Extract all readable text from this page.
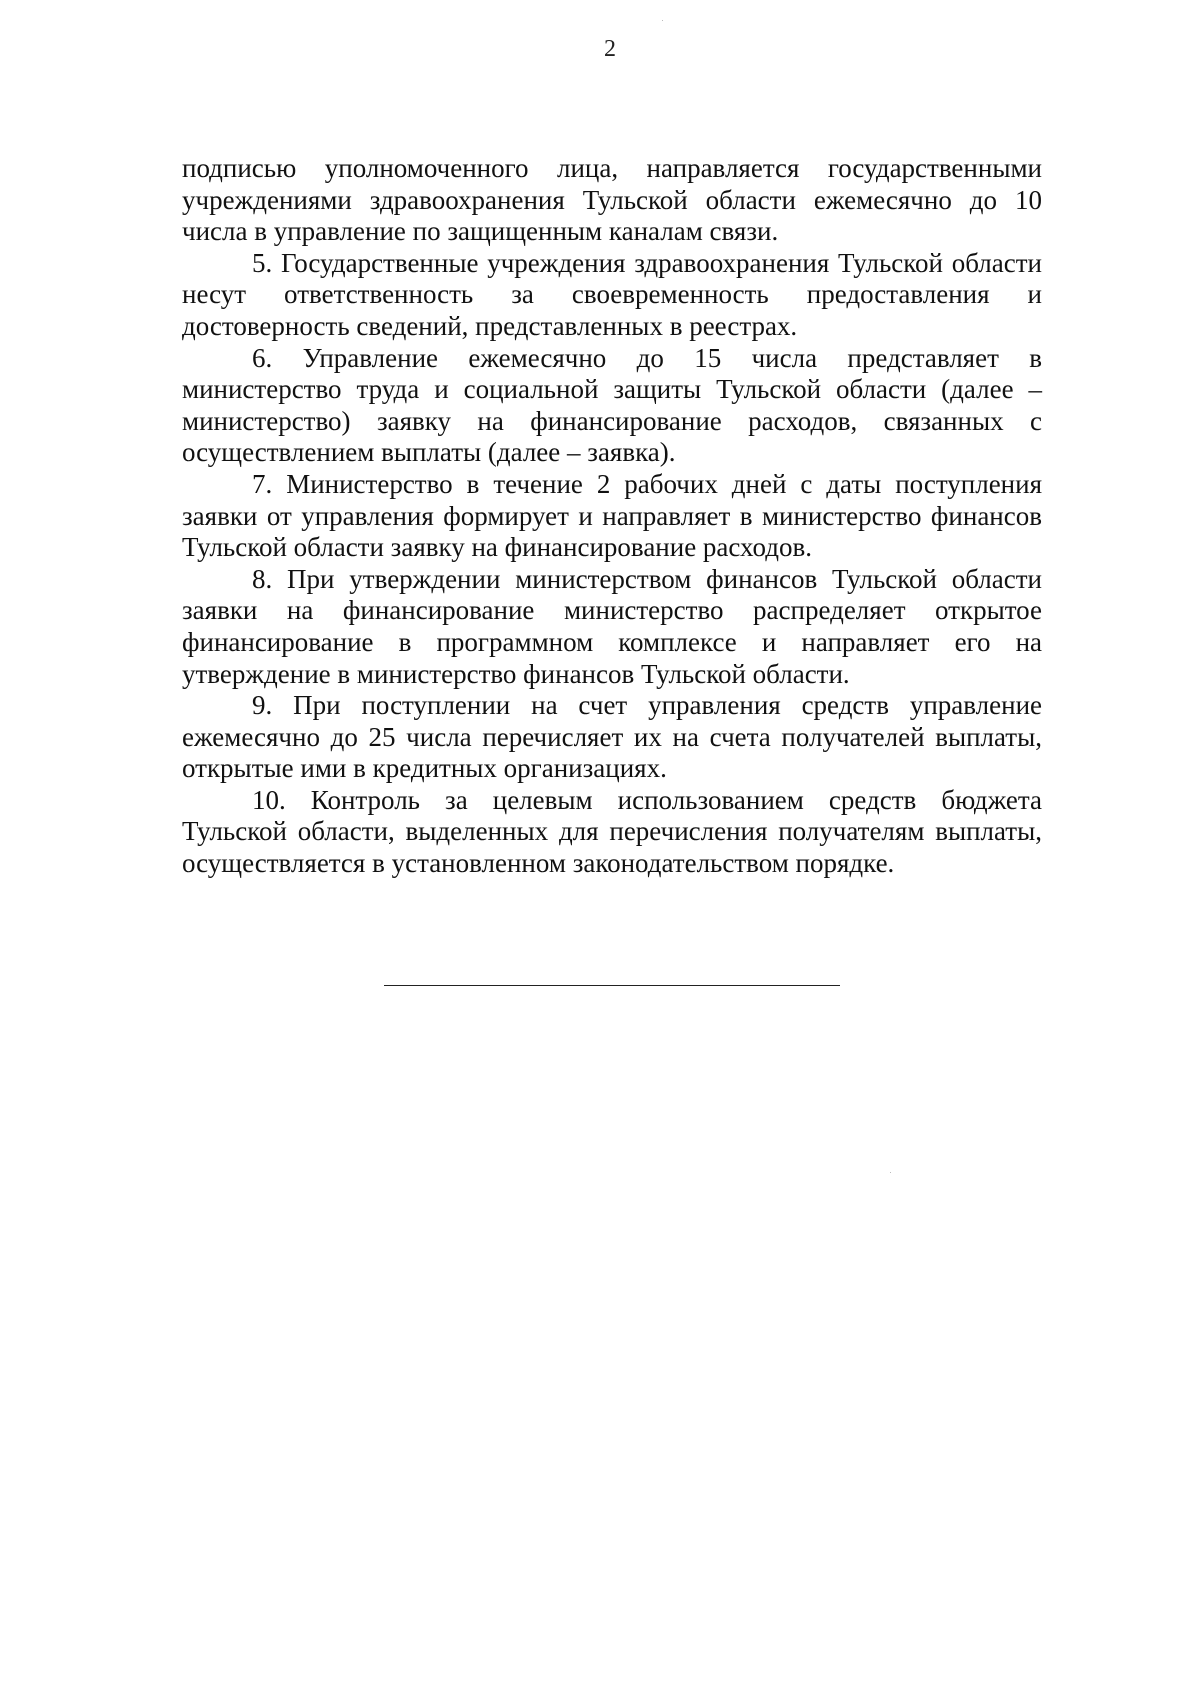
2

подписью уполномоченного лица, направляется государственными учреждениями здравоохранения Тульской области ежемесячно до 10 числа в управление по защищенным каналам связи.

5. Государственные учреждения здравоохранения Тульской области несут ответственность за своевременность предоставления и достоверность сведений, представленных в реестрах.

6. Управление ежемесячно до 15 числа представляет в министерство труда и социальной защиты Тульской области (далее – министерство) заявку на финансирование расходов, связанных с осуществлением выплаты (далее – заявка).

7. Министерство в течение 2 рабочих дней с даты поступления заявки от управления формирует и направляет в министерство финансов Тульской области заявку на финансирование расходов.

8. При утверждении министерством финансов Тульской области заявки на финансирование министерство распределяет открытое финансирование в программном комплексе и направляет его на утверждение в министерство финансов Тульской области.

9. При поступлении на счет управления средств управление ежемесячно до 25 числа перечисляет их на счета получателей выплаты, открытые ими в кредитных организациях.

10. Контроль за целевым использованием средств бюджета Тульской области, выделенных для перечисления получателям выплаты, осуществляется в установленном законодательством порядке.
